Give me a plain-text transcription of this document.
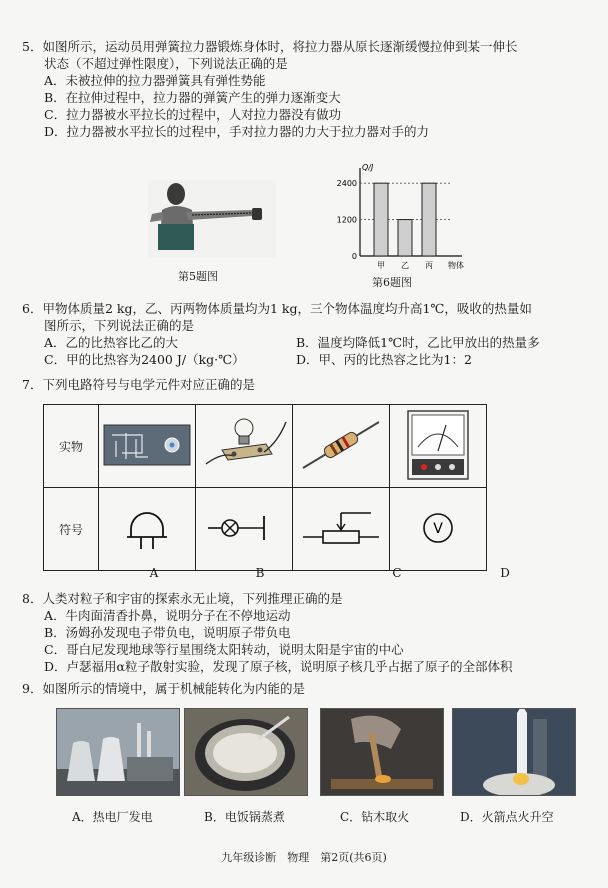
5．如图所示，运动员用弹簧拉力器锻炼身体时，将拉力器从原长逐渐缓慢拉伸到某一伸长
状态（不超过弹性限度），下列说法正确的是
A．未被拉伸的拉力器弹簧具有弹性势能
B．在拉伸过程中，拉力器的弹簧产生的弹力逐渐变大
C．拉力器被水平拉长的过程中，人对拉力器没有做功
D．拉力器被水平拉长的过程中，手对拉力器的力大于拉力器对手的力
第5题图
Q/J
物体
0
1200
2400
甲 乙 丙
第6题图
6．甲物体质量2 kg，乙、丙两物体质量均为1 kg，三个物体温度均升高1℃，吸收的热量如
图所示，下列说法正确的是
A．乙的比热容比乙的大	B．温度均降低1℃时，乙比甲放出的热量多
C．甲的比热容为2400 J/（kg·℃）	D．甲、丙的比热容之比为1：2
7．下列电路符号与电学元件对应正确的是
实物				
符号				V
A	B	C	D
8．人类对粒子和宇宙的探索永无止境，下列推理正确的是
A．牛肉面清香扑鼻，说明分子在不停地运动
B．汤姆孙发现电子带负电，说明原子带负电
C．哥白尼发现地球等行星围绕太阳转动，说明太阳是宇宙的中心
D．卢瑟福用α粒子散射实验，发现了原子核，说明原子核几乎占据了原子的全部体积
9．如图所示的情境中，属于机械能转化为内能的是
A．热电厂发电	B．电饭锅蒸煮	C．钻木取火	D．火箭点火升空
九年级诊断　物理　第2页(共6页)
